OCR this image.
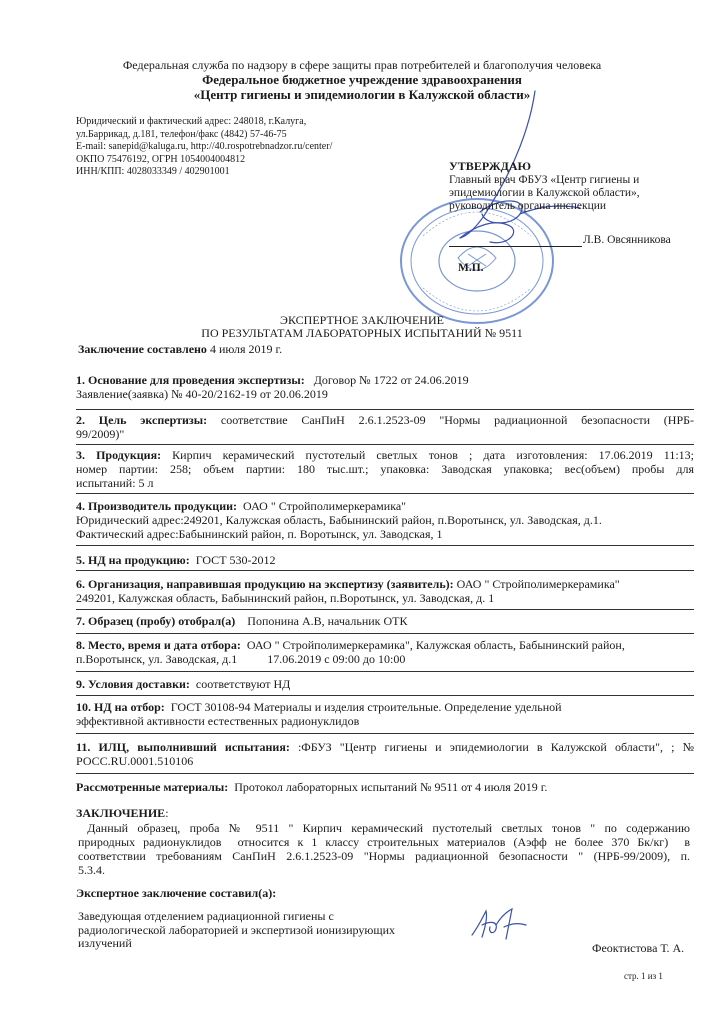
Федеральная служба по надзору в сфере защиты прав потребителей и благополучия человека
Федеральное бюджетное учреждение здравоохранения
«Центр гигиены и эпидемиологии в Калужской области»
Юридический и фактический адрес: 248018, г.Калуга,
ул.Баррикад, д.181, телефон/факс (4842) 57-46-75
E-mail: sanepid@kaluga.ru, http://40.rospotrebnadzor.ru/center/
ОКПО 75476192, ОГРН 1054004004812
ИНН/КПП: 4028033349 / 402901001	УТВЕРЖДАЮ
Главный врач ФБУЗ «Центр гигиены и
эпидемиологии в Калужской области»,
руководитель органа инспекции
Л.В. Овсянникова
М.П.
ЭКСПЕРТНОЕ ЗАКЛЮЧЕНИЕ
ПО РЕЗУЛЬТАТАМ ЛАБОРАТОРНЫХ ИСПЫТАНИЙ № 9511
Заключение составлено 4 июля 2019 г.
1. Основание для проведения экспертизы: Договор № 1722 от 24.06.2019
Заявление(заявка) № 40-20/2162-19 от 20.06.2019
2. Цель экспертизы: соответствие СанПиН 2.6.1.2523-09 "Нормы радиационной безопасности (НРБ-
99/2009)"
3. Продукция: Кирпич керамический пустотелый светлых тонов ; дата изготовления: 17.06.2019 11:13;
номер партии: 258; объем партии: 180 тыс.шт.; упаковка: Заводская упаковка; вес(объем) пробы для
испытаний: 5 л
4. Производитель продукции: ОАО " Стройполимеркерамика"
Юридический адрес:249201, Калужская область, Бабынинский район, п.Воротынск, ул. Заводская, д.1.
Фактический адрес:Бабынинский район, п. Воротынск, ул. Заводская, 1
5. НД на продукцию: ГОСТ 530-2012
6. Организация, направившая продукцию на экспертизу (заявитель): ОАО " Стройполимеркерамика"
249201, Калужская область, Бабынинский район, п.Воротынск, ул. Заводская, д. 1
7. Образец (пробу) отобрал(а) Попонина А.В, начальник ОТК
8. Место, время и дата отбора: ОАО " Стройполимеркерамика", Калужская область, Бабынинский район,
п.Воротынск, ул. Заводская, д.1          17.06.2019 с 09:00 до 10:00
9. Условия доставки: соответствуют НД
10. НД на отбор: ГОСТ 30108-94 Материалы и изделия строительные. Определение удельной
эффективной активности естественных радионуклидов
11. ИЛЦ, выполнивший испытания: :ФБУЗ "Центр гигиены и эпидемиологии в Калужской области", ; №
РОСС.RU.0001.510106
Рассмотренные материалы: Протокол лабораторных испытаний № 9511 от 4 июля 2019 г.
ЗАКЛЮЧЕНИЕ:
Данный образец, проба № 9511 " Кирпич керамический пустотелый светлых тонов " по содержанию
природных радионуклидов  относится к 1 классу строительных материалов (Аэфф не более 370 Бк/кг)  в
соответствии требованиям СанПиН 2.6.1.2523-09 "Нормы радиационной безопасности " (НРБ-99/2009), п.
5.3.4.
Экспертное заключение составил(а):
Заведующая отделением радиационной гигиены с
радиологической лабораторией и экспертизой ионизирующих
излучений	Феоктистова Т. А.
стр. 1 из 1
